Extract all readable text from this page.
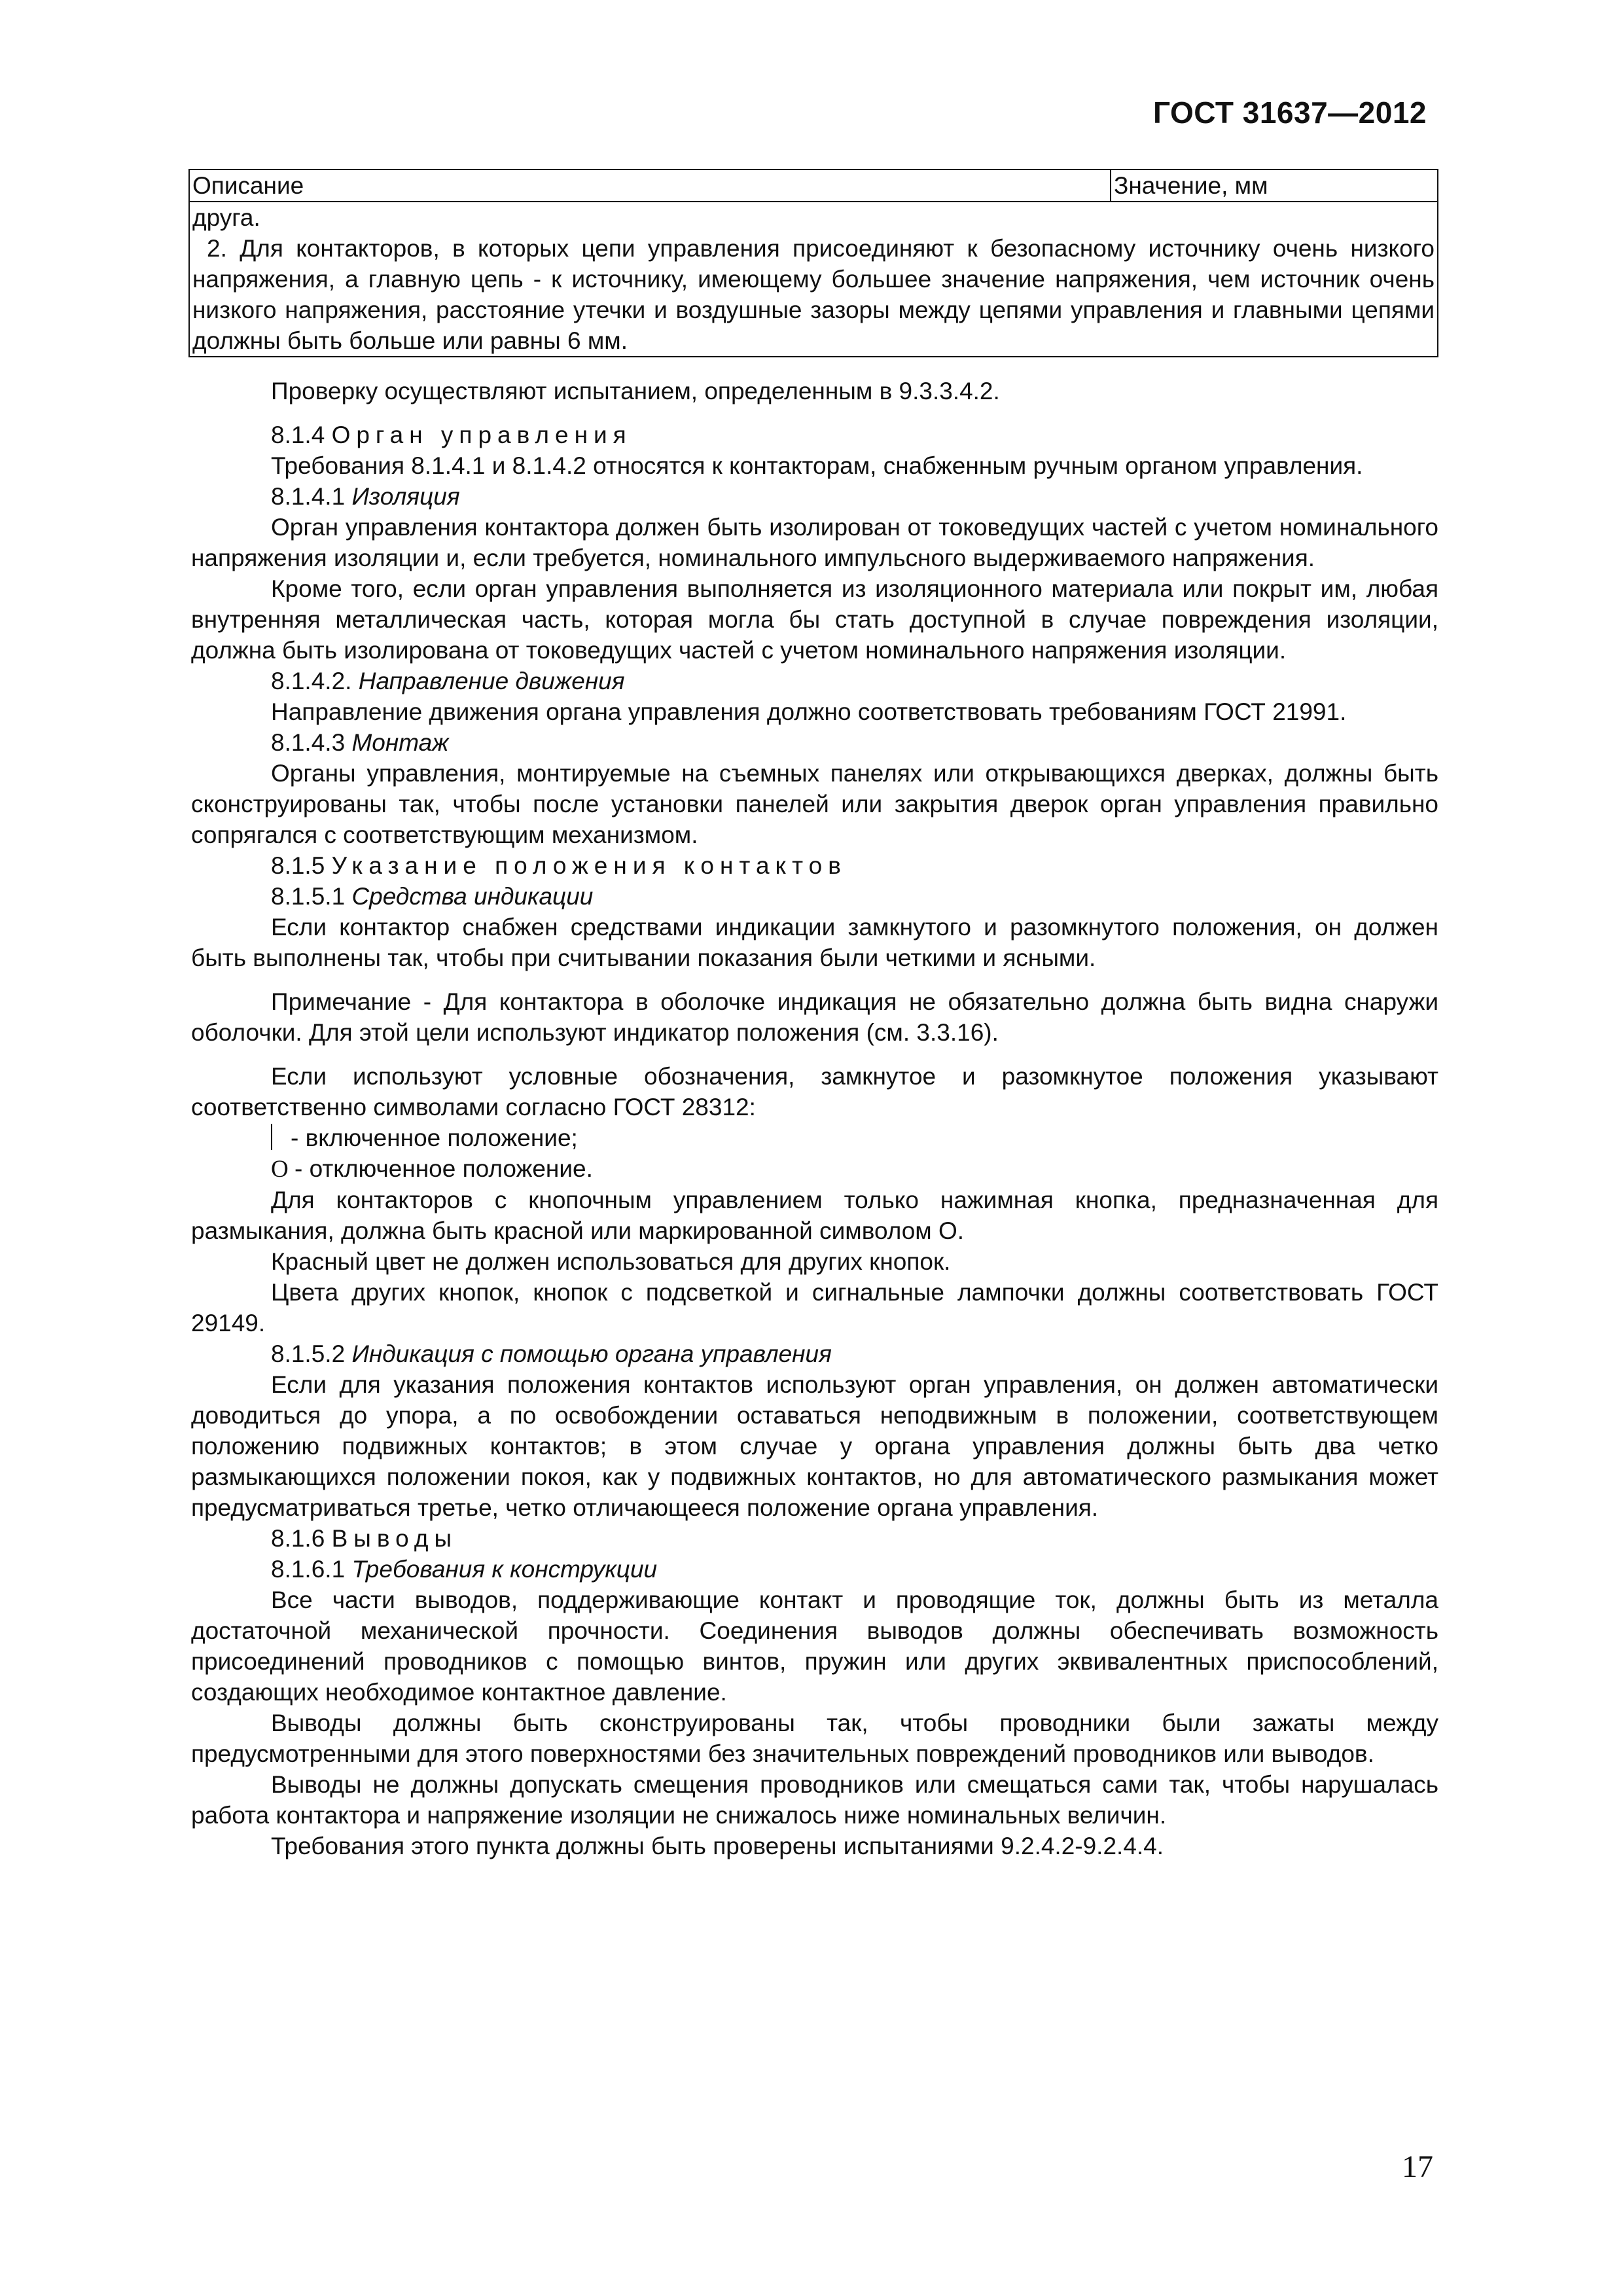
ГОСТ 31637—2012
Описание	Значение, мм

друга.
2. Для контакторов, в которых цепи управления присоединяют к безопасному источнику очень низкого напряжения, а главную цепь - к источнику, имеющему большее значение напряжения, чем источник очень низкого напряжения, расстояние утечки и воздушные зазоры между цепями управления и главными цепями должны быть больше или равны 6 мм.

Проверку осуществляют испытанием, определенным в 9.3.3.4.2.

8.1.4 Орган управления

Требования 8.1.4.1 и 8.1.4.2 относятся к контакторам, снабженным ручным органом управления.

8.1.4.1 Изоляция

Орган управления контактора должен быть изолирован от токоведущих частей с учетом номинального напряжения изоляции и, если требуется, номинального импульсного выдерживаемого напряжения.

Кроме того, если орган управления выполняется из изоляционного материала или покрыт им, любая внутренняя металлическая часть, которая могла бы стать доступной в случае повреждения изоляции, должна быть изолирована от токоведущих частей с учетом номинального напряжения изоляции.

8.1.4.2. Направление движения

Направление движения органа управления должно соответствовать требованиям ГОСТ 21991.

8.1.4.3 Монтаж

Органы управления, монтируемые на съемных панелях или открывающихся дверках, должны быть сконструированы так, чтобы после установки панелей или закрытия дверок орган управления правильно сопрягался с соответствующим механизмом.

8.1.5 Указание положения контактов

8.1.5.1 Средства индикации

Если контактор снабжен средствами индикации замкнутого и разомкнутого положения, он должен быть выполнены так, чтобы при считывании показания были четкими и ясными.

Примечание - Для контактора в оболочке индикация не обязательно должна быть видна снаружи оболочки. Для этой цели используют индикатор положения (см. 3.3.16).

Если используют условные обозначения, замкнутое и разомкнутое положения указывают соответственно символами согласно ГОСТ 28312:

- включенное положение;

O - отключенное положение.

Для контакторов с кнопочным управлением только нажимная кнопка, предназначенная для размыкания, должна быть красной или маркированной символом O.

Красный цвет не должен использоваться для других кнопок.

Цвета других кнопок, кнопок с подсветкой и сигнальные лампочки должны соответствовать ГОСТ 29149.

8.1.5.2 Индикация с помощью органа управления

Если для указания положения контактов используют орган управления, он должен автоматически доводиться до упора, а по освобождении оставаться неподвижным в положении, соответствующем положению подвижных контактов; в этом случае у органа управления должны быть два четко размыкающихся положении покоя, как у подвижных контактов, но для автоматического размыкания может предусматриваться третье, четко отличающееся положение органа управления.

8.1.6 Выводы

8.1.6.1 Требования к конструкции

Все части выводов, поддерживающие контакт и проводящие ток, должны быть из металла достаточной механической прочности. Соединения выводов должны обеспечивать возможность присоединений проводников с помощью винтов, пружин или других эквивалентных приспособлений, создающих необходимое контактное давление.

Выводы должны быть сконструированы так, чтобы проводники были зажаты между предусмотренными для этого поверхностями без значительных повреждений проводников или выводов.

Выводы не должны допускать смещения проводников или смещаться сами так, чтобы нарушалась работа контактора и напряжение изоляции не снижалось ниже номинальных величин.

Требования этого пункта должны быть проверены испытаниями 9.2.4.2-9.2.4.4.

17
